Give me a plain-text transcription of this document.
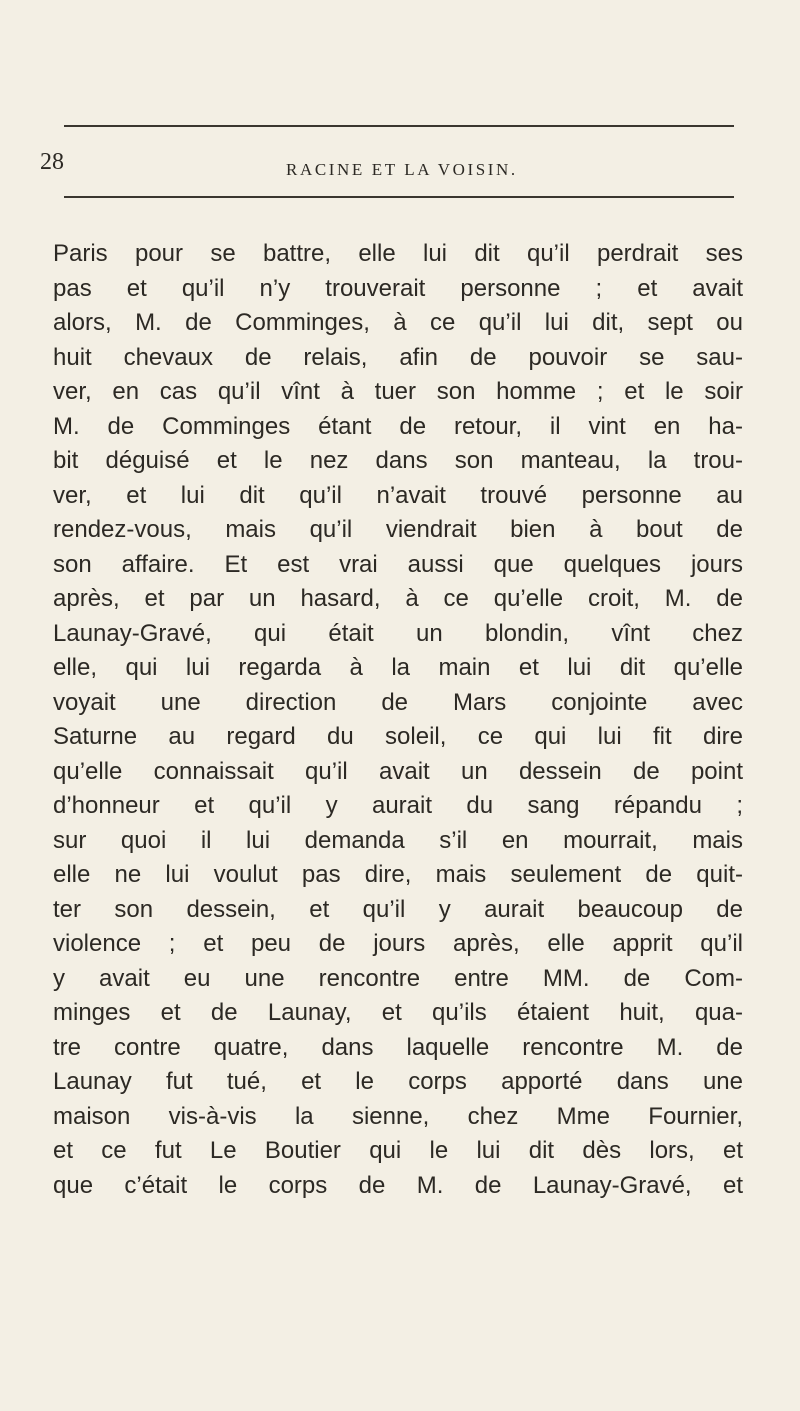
28	RACINE ET LA VOISIN.
Paris pour se battre, elle lui dit qu’il perdrait ses
pas et qu’il n’y trouverait personne ; et avait
alors, M. de Comminges, à ce qu’il lui dit, sept ou
huit chevaux de relais, afin de pouvoir se sau-
ver, en cas qu’il vînt à tuer son homme ; et le soir
M. de Comminges étant de retour, il vint en ha-
bit déguisé et le nez dans son manteau, la trou-
ver, et lui dit qu’il n’avait trouvé personne au
rendez-vous, mais qu’il viendrait bien à bout de
son affaire. Et est vrai aussi que quelques jours
après, et par un hasard, à ce qu’elle croit, M. de
Launay-Gravé, qui était un blondin, vînt chez
elle, qui lui regarda à la main et lui dit qu’elle
voyait une direction de Mars conjointe avec
Saturne au regard du soleil, ce qui lui fit dire
qu’elle connaissait qu’il avait un dessein de point
d’honneur et qu’il y aurait du sang répandu ;
sur quoi il lui demanda s’il en mourrait, mais
elle ne lui voulut pas dire, mais seulement de quit-
ter son dessein, et qu’il y aurait beaucoup de
violence ; et peu de jours après, elle apprit qu’il
y avait eu une rencontre entre MM. de Com-
minges et de Launay, et qu’ils étaient huit, qua-
tre contre quatre, dans laquelle rencontre M. de
Launay fut tué, et le corps apporté dans une
maison vis-à-vis la sienne, chez Mme Fournier,
et ce fut Le Boutier qui le lui dit dès lors, et
que c’était le corps de M. de Launay-Gravé, et
